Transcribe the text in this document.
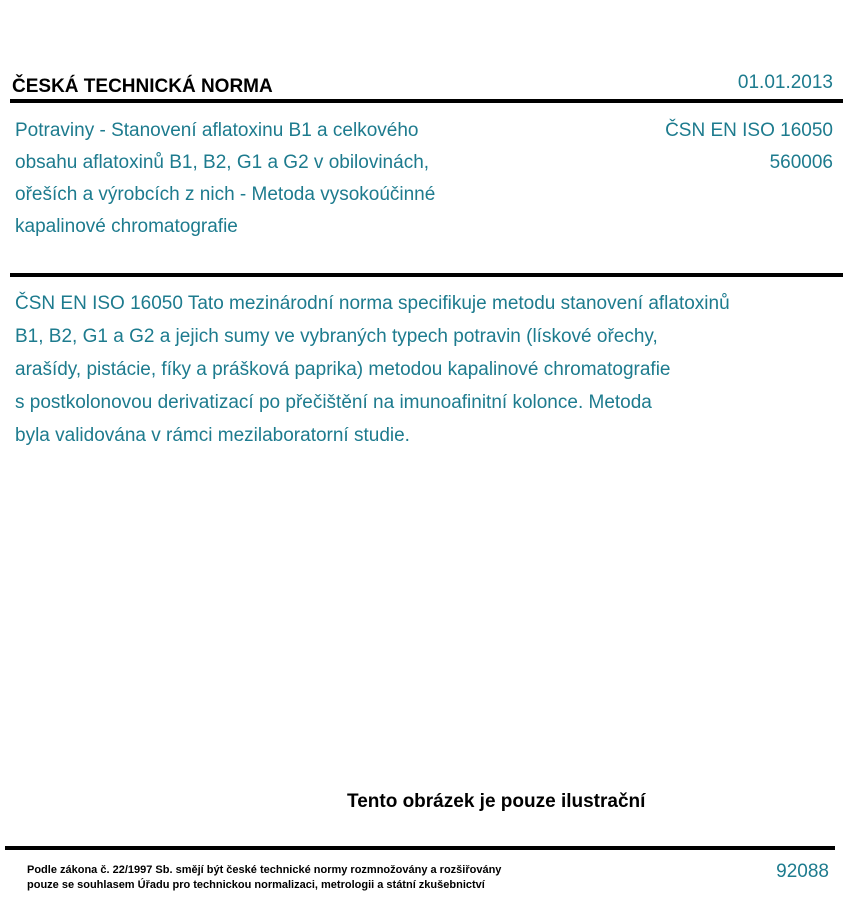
ČESKÁ TECHNICKÁ NORMA	01.01.2013
Potraviny - Stanovení aflatoxinu B1 a celkového
obsahu aflatoxinů B1, B2, G1 a G2 v obilovinách,
ořeších a výrobcích z nich - Metoda vysokoúčinné
kapalinové chromatografie
ČSN EN ISO 16050
560006
ČSN EN ISO 16050 Tato mezinárodní norma specifikuje metodu stanovení aflatoxinů
B1, B2, G1 a G2 a jejich sumy ve vybraných typech potravin (lískové ořechy,
arašídy, pistácie, fíky a prášková paprika) metodou kapalinové chromatografie
s postkolonovou derivatizací po přečištění na imunoafinitní kolonce. Metoda
byla validována v rámci mezilaboratorní studie.
Tento obrázek je pouze ilustrační
Podle zákona č. 22/1997 Sb. smějí být české technické normy rozmnožovány a rozšiřovány
pouze se souhlasem Úřadu pro technickou normalizaci, metrologii a státní zkušebnictví
92088
